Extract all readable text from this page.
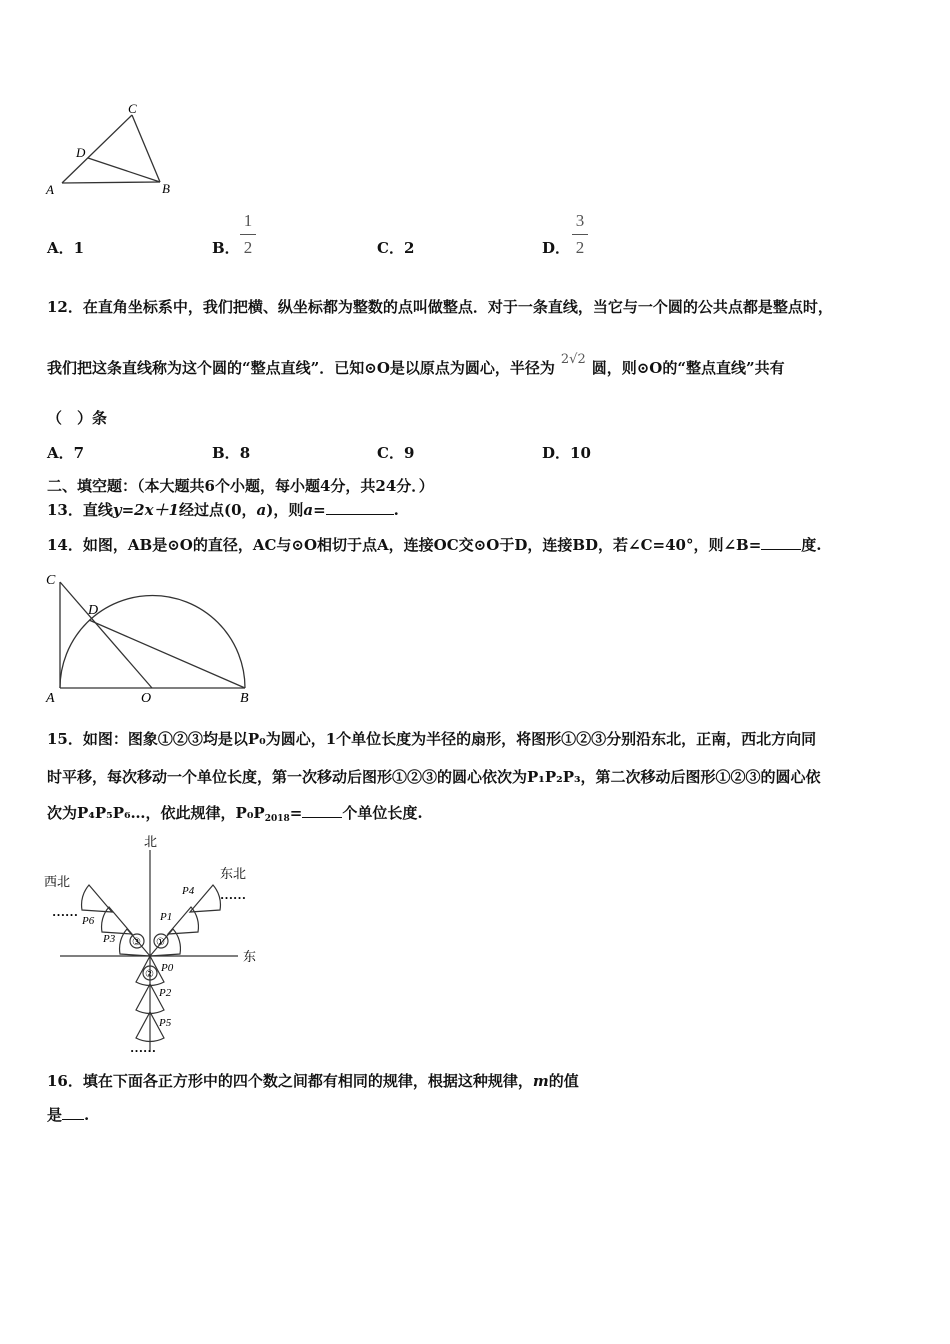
A	B
C
D
A．1	B．
1
2	C．2	D．
3
2
12．在直角坐标系中，我们把横、纵坐标都为整数的点叫做整点．对于一条直线，当它与一个圆的公共点都是整点时，
我们把这条直线称为这个圆的“整点直线”．已知⊙O是以原点为圆心，半径为 2√2 圆，则⊙O的“整点直线”共有
（　）条
A．7	B．8	C．9	D．10
二、填空题：（本大题共6个小题，每小题4分，共24分．）
13．直线y=2x＋1经过点(0，a)，则a=	.
14．如图，AB是⊙O的直径，AC与⊙O相切于点A，连接OC交⊙O于D，连接BD，若∠C=40°，则∠B=	度.
C
D
A	O	B
15．如图：图象①②③均是以P₀为圆心，1个单位长度为半径的扇形，将图形①②③分别沿东北，正南，西北方向同
时平移，每次移动一个单位长度，第一次移动后图形①②③的圆心依次为P₁P₂P₃，第二次移动后图形①②③的圆心依
次为P₄P₅P₆…，依此规律，$P_0P_{2018}=$	个单位长度.
北
东
东北
西北
①
③
②
P0
P1
P2
P3
P4
P5
P6
……
……
……
16．填在下面各正方形中的四个数之间都有相同的规律，根据这种规律，m的值
是 .
